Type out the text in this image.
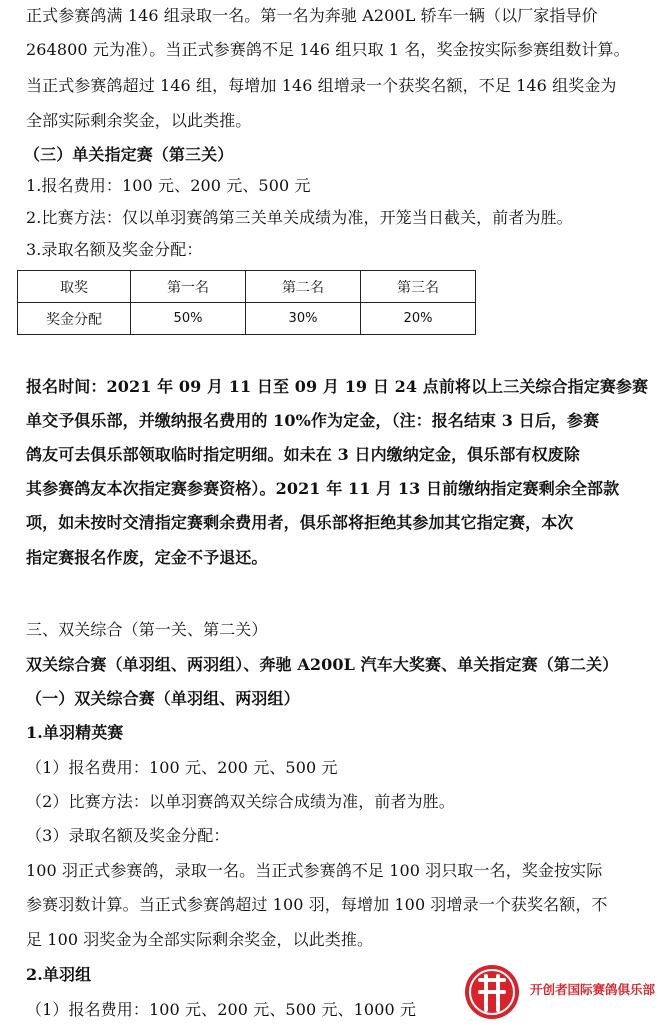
正式参赛鸽满 146 组录取一名。第一名为奔驰 A200L 轿车一辆（以厂家指导价
264800 元为准）。当正式参赛鸽不足 146 组只取 1 名，奖金按实际参赛组数计算。
当正式参赛鸽超过 146 组，每增加 146 组增录一个获奖名额，不足 146 组奖金为
全部实际剩余奖金，以此类推。
（三）单关指定赛（第三关）
1.报名费用：100 元、200 元、500 元
2.比赛方法：仅以单羽赛鸽第三关单关成绩为准，开笼当日截关，前者为胜。
3.录取名额及奖金分配：
取奖	第一名	第二名	第三名
奖金分配	50%	30%	20%
报名时间：2021 年 09 月 11 日至 09 月 19 日 24 点前将以上三关综合指定赛参赛
单交予俱乐部，并缴纳报名费用的 10%作为定金，（注：报名结束 3 日后，参赛
鸽友可去俱乐部领取临时指定明细。如未在 3 日内缴纳定金，俱乐部有权废除
其参赛鸽友本次指定赛参赛资格）。2021 年 11 月 13 日前缴纳指定赛剩余全部款
项，如未按时交清指定赛剩余费用者，俱乐部将拒绝其参加其它指定赛，本次
指定赛报名作废，定金不予退还。
三、双关综合（第一关、第二关）
双关综合赛（单羽组、两羽组）、奔驰 A200L 汽车大奖赛、单关指定赛（第二关）
（一）双关综合赛（单羽组、两羽组）
1.单羽精英赛
（1）报名费用：100 元、200 元、500 元
（2）比赛方法：以单羽赛鸽双关综合成绩为准，前者为胜。
（3）录取名额及奖金分配：
100 羽正式参赛鸽，录取一名。当正式参赛鸽不足 100 羽只取一名，奖金按实际
参赛羽数计算。当正式参赛鸽超过 100 羽，每增加 100 羽增录一个获奖名额，不
足 100 羽奖金为全部实际剩余奖金，以此类推。
2.单羽组
（1）报名费用：100 元、200 元、500 元、1000 元
开创者国际赛鸽俱乐部
